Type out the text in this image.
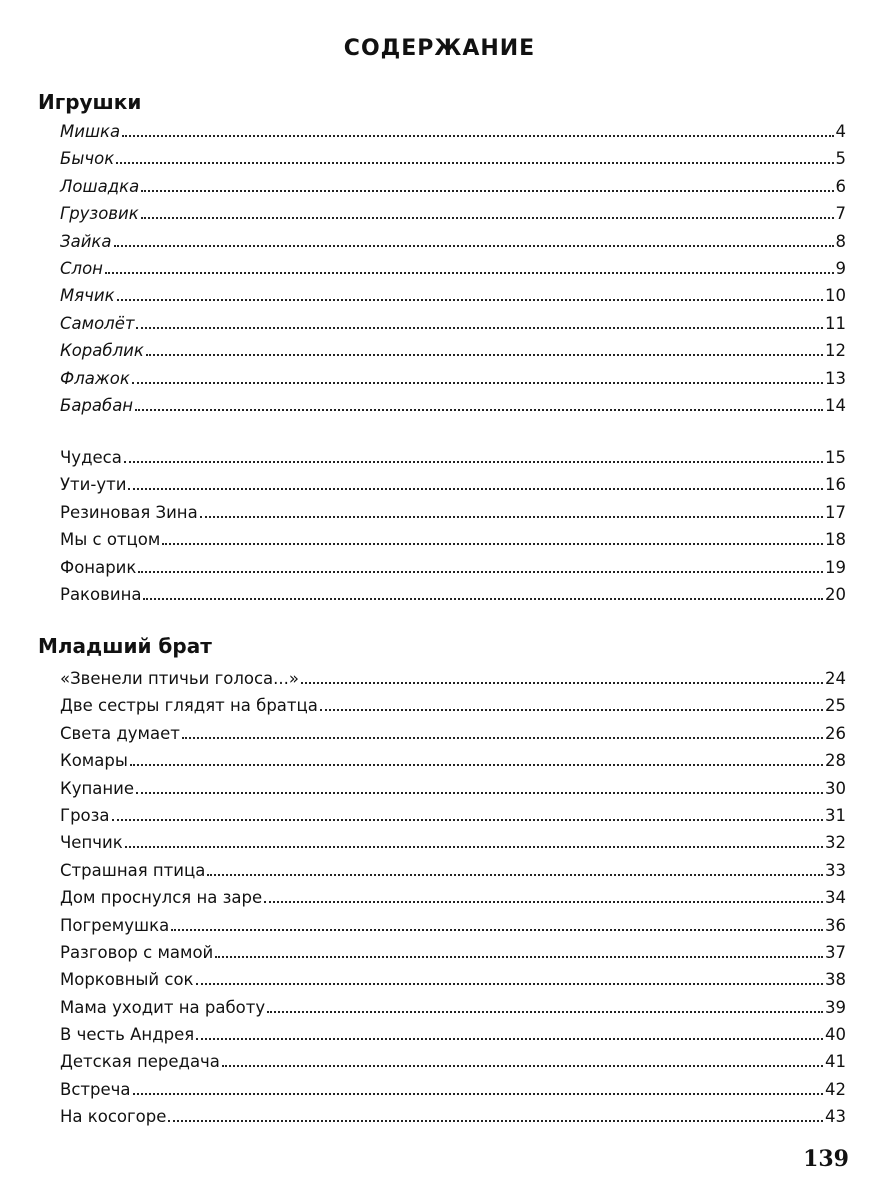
СОДЕРЖАНИЕ
Игрушки
Мишка	4
Бычок	5
Лошадка	6
Грузовик	7
Зайка	8
Слон	9
Мячик	10
Самолёт	11
Кораблик	12
Флажок	13
Барабан	14
Чудеса	15
Ути-ути	16
Резиновая Зина	17
Мы с отцом	18
Фонарик	19
Раковина	20
Младший брат
«Звенели птичьи голоса...»	24
Две сестры глядят на братца	25
Света думает	26
Комары	28
Купание	30
Гроза	31
Чепчик	32
Страшная птица	33
Дом проснулся на заре	34
Погремушка	36
Разговор с мамой	37
Морковный сок	38
Мама уходит на работу	39
В честь Андрея	40
Детская передача	41
Встреча	42
На косогоре	43
139
